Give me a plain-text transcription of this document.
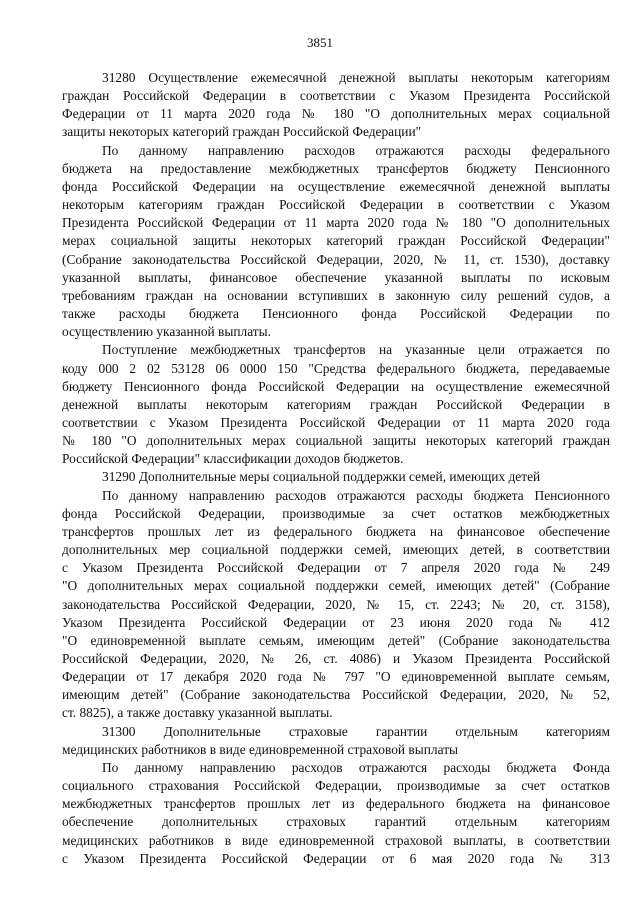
3851
31280 Осуществление ежемесячной денежной выплаты некоторым категориям
граждан Российской Федерации в соответствии с Указом Президента Российской
Федерации от 11 марта 2020 года № 180 "О дополнительных мерах социальной
защиты некоторых категорий граждан Российской Федерации"
По данному направлению расходов отражаются расходы федерального
бюджета на предоставление межбюджетных трансфертов бюджету Пенсионного
фонда Российской Федерации на осуществление ежемесячной денежной выплаты
некоторым категориям граждан Российской Федерации в соответствии с Указом
Президента Российской Федерации от 11 марта 2020 года № 180 "О дополнительных
мерах социальной защиты некоторых категорий граждан Российской Федерации"
(Собрание законодательства Российской Федерации, 2020, № 11, ст. 1530), доставку
указанной выплаты, финансовое обеспечение указанной выплаты по исковым
требованиям граждан на основании вступивших в законную силу решений судов, а
также расходы бюджета Пенсионного фонда Российской Федерации по
осуществлению указанной выплаты.
Поступление межбюджетных трансфертов на указанные цели отражается по
коду 000 2 02 53128 06 0000 150 "Средства федерального бюджета, передаваемые
бюджету Пенсионного фонда Российской Федерации на осуществление ежемесячной
денежной выплаты некоторым категориям граждан Российской Федерации в
соответствии с Указом Президента Российской Федерации от 11 марта 2020 года
№ 180 "О дополнительных мерах социальной защиты некоторых категорий граждан
Российской Федерации" классификации доходов бюджетов.
31290 Дополнительные меры социальной поддержки семей, имеющих детей
По данному направлению расходов отражаются расходы бюджета Пенсионного
фонда Российской Федерации, производимые за счет остатков межбюджетных
трансфертов прошлых лет из федерального бюджета на финансовое обеспечение
дополнительных мер социальной поддержки семей, имеющих детей, в соответствии
с Указом Президента Российской Федерации от 7 апреля 2020 года № 249
"О дополнительных мерах социальной поддержки семей, имеющих детей" (Собрание
законодательства Российской Федерации, 2020, № 15, ст. 2243; № 20, ст. 3158),
Указом Президента Российской Федерации от 23 июня 2020 года № 412
"О единовременной выплате семьям, имеющим детей" (Собрание законодательства
Российской Федерации, 2020, № 26, ст. 4086) и Указом Президента Российской
Федерации от 17 декабря 2020 года № 797 "О единовременной выплате семьям,
имеющим детей" (Собрание законодательства Российской Федерации, 2020, № 52,
ст. 8825), а также доставку указанной выплаты.
31300 Дополнительные страховые гарантии отдельным категориям
медицинских работников в виде единовременной страховой выплаты
По данному направлению расходов отражаются расходы бюджета Фонда
социального страхования Российской Федерации, производимые за счет остатков
межбюджетных трансфертов прошлых лет из федерального бюджета на финансовое
обеспечение дополнительных страховых гарантий отдельным категориям
медицинских работников в виде единовременной страховой выплаты, в соответствии
с Указом Президента Российской Федерации от 6 мая 2020 года № 313
